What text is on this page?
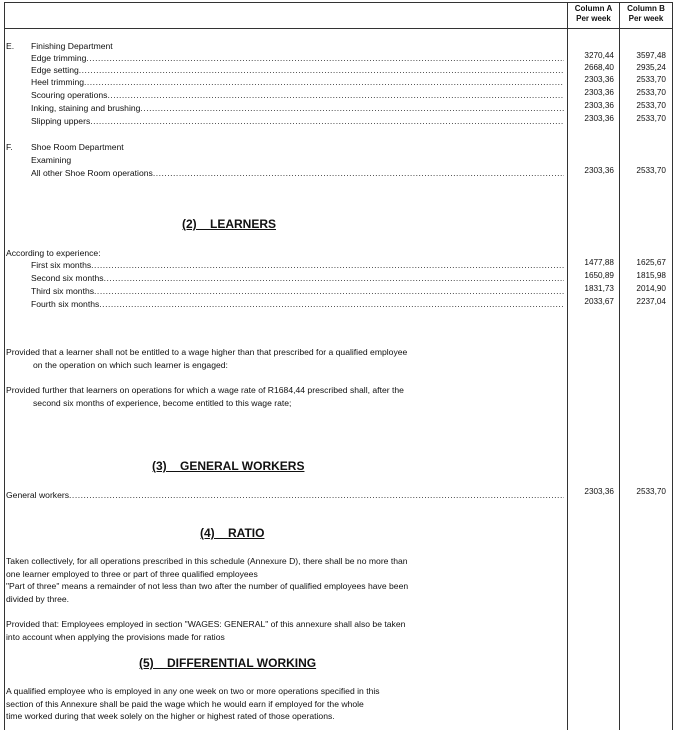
Column A
Per week
Column B
Per week
E. Finishing Department
Edge trimming .....	3270,44	3597,48
Edge setting .....	2668,40	2935,24
Heel trimming .....	2303,36	2533,70
Scouring operations .....	2303,36	2533,70
Inking, staining and brushing .....	2303,36	2533,70
Slipping uppers .....	2303,36	2533,70
F. Shoe Room Department
Examining
All other Shoe Room operations .....	2303,36	2533,70
(2)    LEARNERS
According to experience:
First six months .....	1477,88	1625,67
Second six months .....	1650,89	1815,98
Third six months .....	1831,73	2014,90
Fourth six months .....	2033,67	2237,04
Provided that a learner shall not be entitled to a wage higher than that prescribed for a qualified employee
on the operation on which such learner is engaged:
Provided further that learners on operations for which a wage rate of R1684,44 prescribed shall, after the
second six months of experience, become entitled to this wage rate;
(3)    GENERAL WORKERS
General workers .....	2303,36	2533,70
(4)    RATIO
Taken collectively, for all operations prescribed in this schedule (Annexure D), there shall be no more than
one learner employed to three or part of three qualified employees
"Part of three" means a remainder of not less than two after the number of qualified employees have been
divided by three.
Provided that: Employees employed in section "WAGES: GENERAL" of this annexure shall also be taken
into account when applying the provisions made for ratios
(5)    DIFFERENTIAL WORKING
A qualified employee who is employed in any one week on two or more operations specified in this
section of this Annexure shall be paid the wage which he would earn if employed for the whole
time worked during that week solely on the higher or highest rated of those operations.
